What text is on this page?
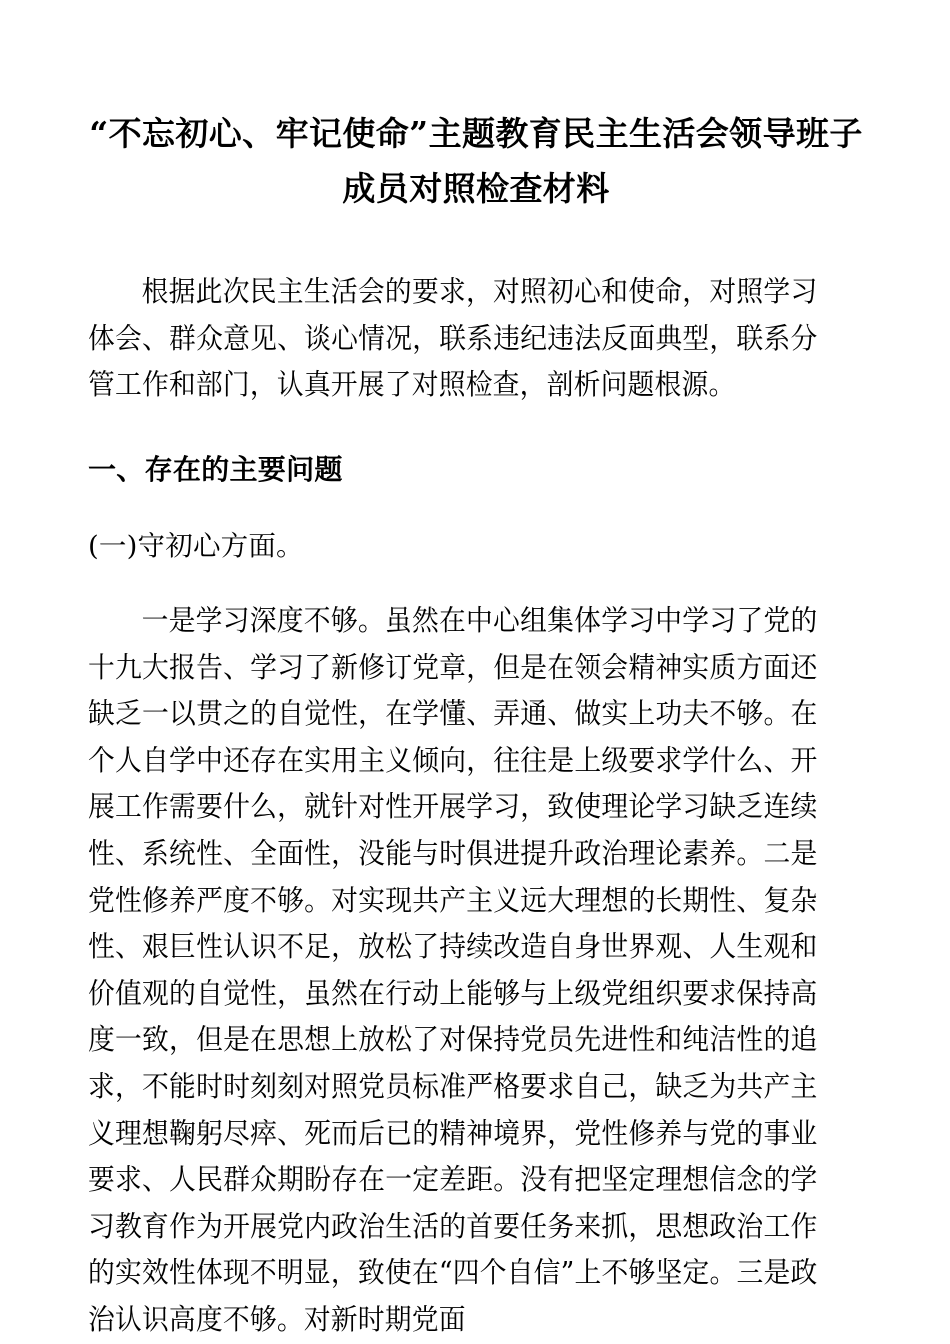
“不忘初心、牢记使命”主题教育民主生活会领导班子成员对照检查材料

根据此次民主生活会的要求，对照初心和使命，对照学习体会、群众意见、谈心情况，联系违纪违法反面典型，联系分管工作和部门，认真开展了对照检查，剖析问题根源。

一、存在的主要问题
(一)守初心方面。

一是学习深度不够。虽然在中心组集体学习中学习了党的十九大报告、学习了新修订党章，但是在领会精神实质方面还缺乏一以贯之的自觉性，在学懂、弄通、做实上功夫不够。在个人自学中还存在实用主义倾向，往往是上级要求学什么、开展工作需要什么，就针对性开展学习，致使理论学习缺乏连续性、系统性、全面性，没能与时俱进提升政治理论素养。二是党性修养严度不够。对实现共产主义远大理想的长期性、复杂性、艰巨性认识不足，放松了持续改造自身世界观、人生观和价值观的自觉性，虽然在行动上能够与上级党组织要求保持高度一致，但是在思想上放松了对保持党员先进性和纯洁性的追求，不能时时刻刻对照党员标准严格要求自己，缺乏为共产主义理想鞠躬尽瘁、死而后已的精神境界，党性修养与党的事业要求、人民群众期盼存在一定差距。没有把坚定理想信念的学习教育作为开展党内政治生活的首要任务来抓，思想政治工作的实效性体现不明显，致使在“四个自信”上不够坚定。三是政治认识高度不够。对新时期党面
